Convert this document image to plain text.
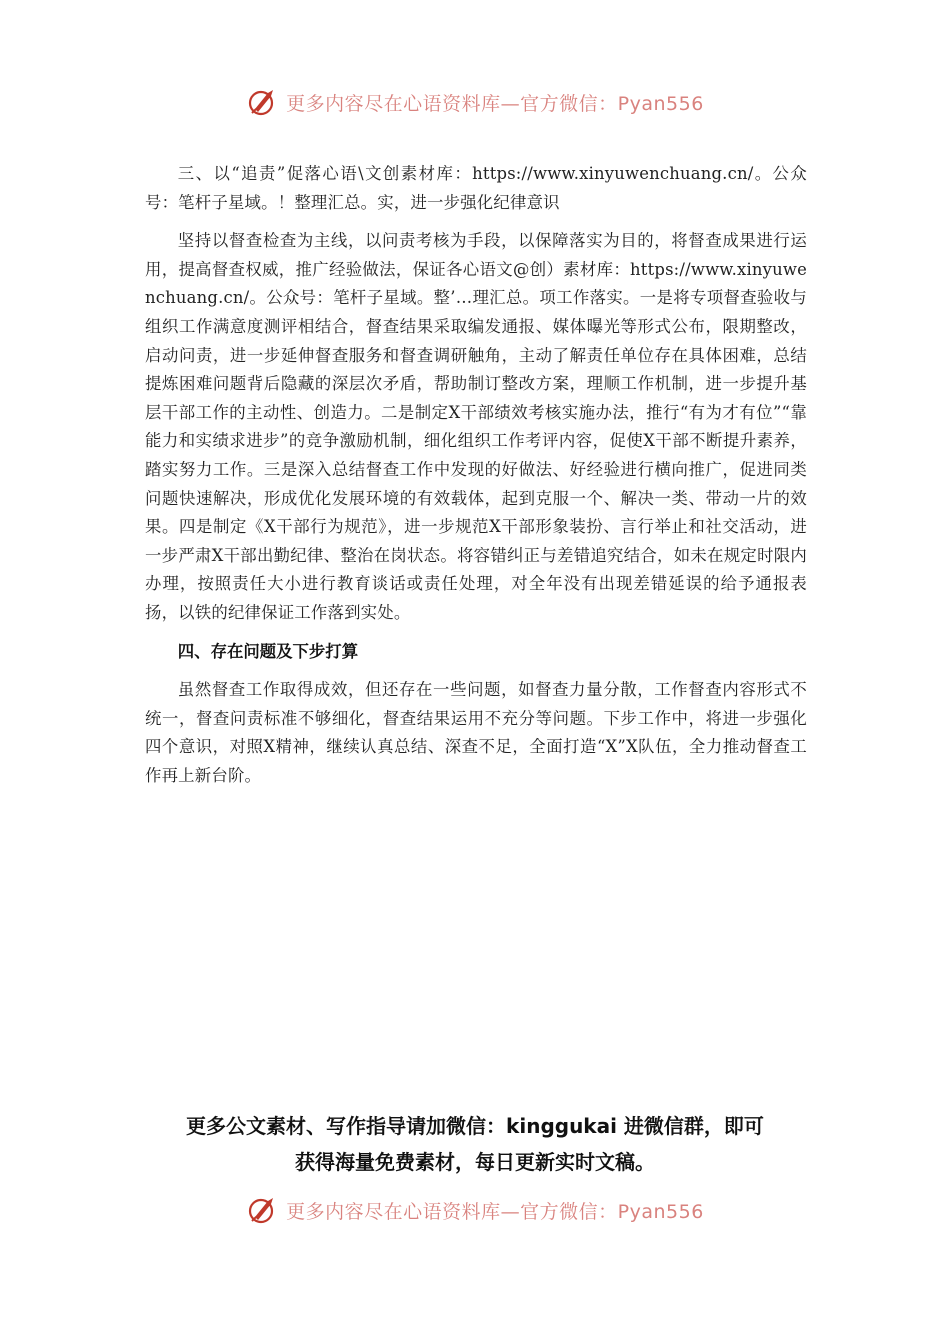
更多内容尽在心语资料库—官方微信：Pyan556

三、以“追责”促落心语\文创素材库：https://www.xinyuwenchuang.cn/。公众号：笔杆子星域。！整理汇总。实，进一步强化纪律意识

坚持以督查检查为主线，以问责考核为手段，以保障落实为目的，将督查成果进行运用，提高督查权威，推广经验做法，保证各心语文@创）素材库：https://www.xinyuwenchuang.cn/。公众号：笔杆子星域。整’…理汇总。项工作落实。一是将专项督查验收与组织工作满意度测评相结合，督查结果采取编发通报、媒体曝光等形式公布，限期整改，启动问责，进一步延伸督查服务和督查调研触角，主动了解责任单位存在具体困难，总结提炼困难问题背后隐藏的深层次矛盾，帮助制订整改方案，理顺工作机制，进一步提升基层干部工作的主动性、创造力。二是制定X干部绩效考核实施办法，推行“有为才有位”“靠能力和实绩求进步”的竞争激励机制，细化组织工作考评内容，促使X干部不断提升素养，踏实努力工作。三是深入总结督查工作中发现的好做法、好经验进行横向推广，促进同类问题快速解决，形成优化发展环境的有效载体，起到克服一个、解决一类、带动一片的效果。四是制定《X干部行为规范》，进一步规范X干部形象装扮、言行举止和社交活动，进一步严肃X干部出勤纪律、整治在岗状态。将容错纠正与差错追究结合，如未在规定时限内办理，按照责任大小进行教育谈话或责任处理，对全年没有出现差错延误的给予通报表扬，以铁的纪律保证工作落到实处。

四、存在问题及下步打算

虽然督查工作取得成效，但还存在一些问题，如督查力量分散，工作督查内容形式不统一，督查问责标准不够细化，督查结果运用不充分等问题。下步工作中，将进一步强化四个意识，对照X精神，继续认真总结、深查不足，全面打造“X”X队伍，全力推动督查工作再上新台阶。

更多公文素材、写作指导请加微信：kinggukai 进微信群，即可
获得海量免费素材，每日更新实时文稿。
更多内容尽在心语资料库—官方微信：Pyan556
